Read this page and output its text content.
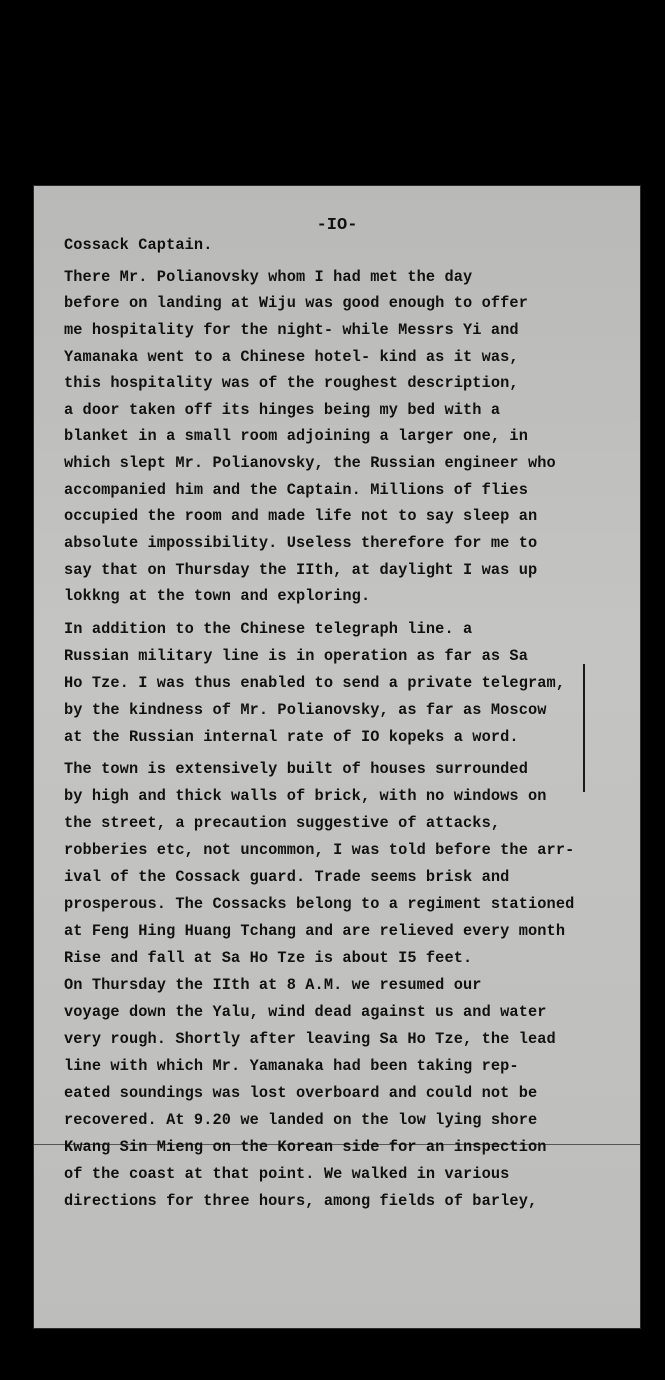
-IO-
Cossack Captain.
There Mr. Polianovsky whom I had met the day
before on landing at Wiju was good enough to offer
me hospitality for the night- while Messrs Yi and
Yamanaka went to a Chinese hotel- kind as it was,
this hospitality was of the roughest description,
a door taken off its hinges being my bed with a
blanket in a small room adjoining a larger one, in
which slept Mr. Polianovsky, the Russian engineer who
accompanied him and the Captain. Millions of flies
occupied the room and made life not to say sleep an
absolute impossibility. Useless therefore for me to
say that on Thursday the IIth, at daylight I was up
lokkng at the town and exploring.
In addition to the Chinese telegraph line. a
Russian military line is in operation as far as Sa
Ho Tze. I was thus enabled to send a private telegram,
by the kindness of Mr. Polianovsky, as far as Moscow
at the Russian internal rate of IO kopeks a word.
The town is extensively built of houses surrounded
by high and thick walls of brick, with no windows on
the street, a precaution suggestive of attacks,
robberies etc, not uncommon, I was told before the arr-
ival of the Cossack guard. Trade seems brisk and
prosperous. The Cossacks belong to a regiment stationed
at Feng Hing Huang Tchang and are relieved every month
Rise and fall at Sa Ho Tze is about I5 feet.
On Thursday the IIth at 8 A.M. we resumed our
voyage down the Yalu, wind dead against us and water
very rough. Shortly after leaving Sa Ho Tze, the lead
line with which Mr. Yamanaka had been taking rep-
eated soundings was lost overboard and could not be
recovered. At 9.20 we landed on the low lying shore
Kwang Sin Mieng on the Korean side for an inspection
of the coast at that point. We walked in various
directions for three hours, among fields of barley,
